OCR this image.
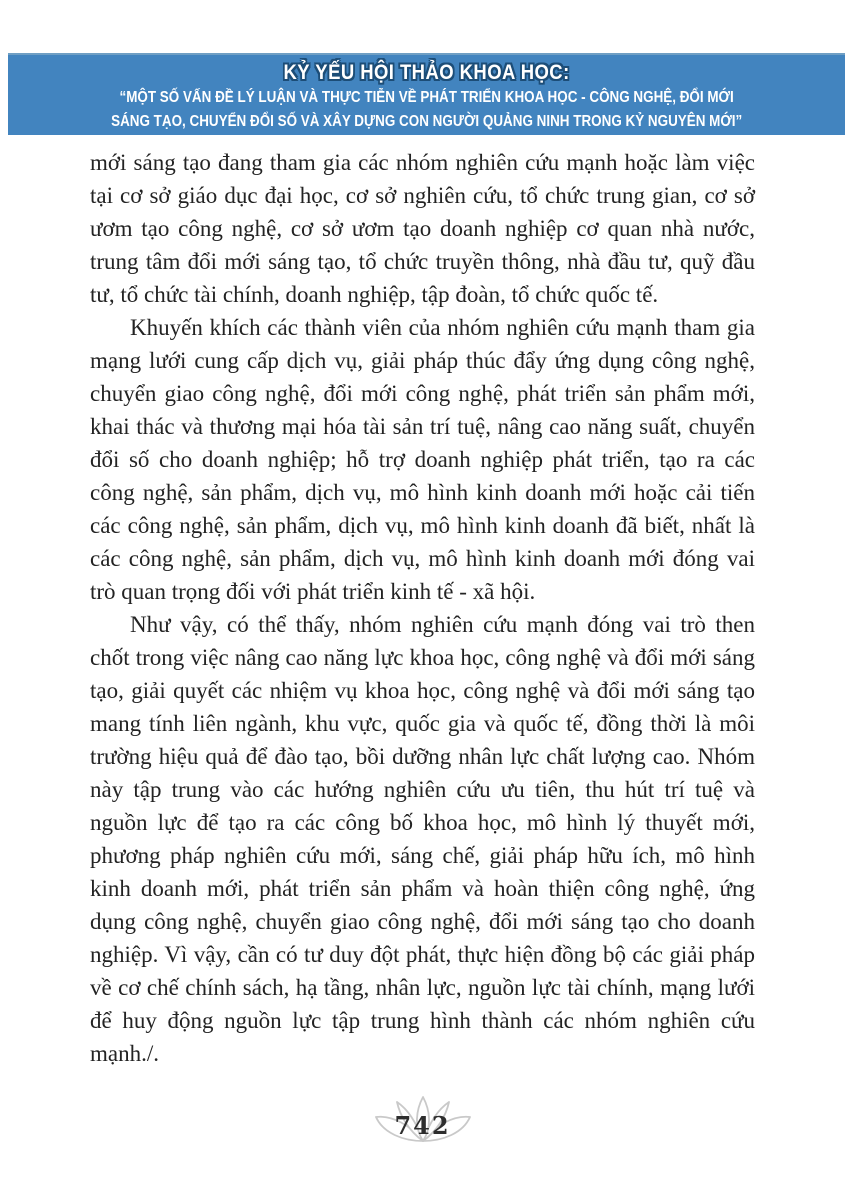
KỶ YẾU HỘI THẢO KHOA HỌC:
“MỘT SỐ VẤN ĐỀ LÝ LUẬN VÀ THỰC TIỄN VỀ PHÁT TRIỂN KHOA HỌC - CÔNG NGHỆ, ĐỔI MỚI
SÁNG TẠO, CHUYỂN ĐỔI SỐ VÀ XÂY DỰNG CON NGƯỜI QUẢNG NINH TRONG KỶ NGUYÊN MỚI”

mới sáng tạo đang tham gia các nhóm nghiên cứu mạnh hoặc làm việc tại cơ sở giáo dục đại học, cơ sở nghiên cứu, tổ chức trung gian, cơ sở ươm tạo công nghệ, cơ sở ươm tạo doanh nghiệp cơ quan nhà nước, trung tâm đổi mới sáng tạo, tổ chức truyền thông, nhà đầu tư, quỹ đầu tư, tổ chức tài chính, doanh nghiệp, tập đoàn, tổ chức quốc tế.

Khuyến khích các thành viên của nhóm nghiên cứu mạnh tham gia mạng lưới cung cấp dịch vụ, giải pháp thúc đẩy ứng dụng công nghệ, chuyển giao công nghệ, đổi mới công nghệ, phát triển sản phẩm mới, khai thác và thương mại hóa tài sản trí tuệ, nâng cao năng suất, chuyển đổi số cho doanh nghiệp; hỗ trợ doanh nghiệp phát triển, tạo ra các công nghệ, sản phẩm, dịch vụ, mô hình kinh doanh mới hoặc cải tiến các công nghệ, sản phẩm, dịch vụ, mô hình kinh doanh đã biết, nhất là các công nghệ, sản phẩm, dịch vụ, mô hình kinh doanh mới đóng vai trò quan trọng đối với phát triển kinh tế - xã hội.

Như vậy, có thể thấy, nhóm nghiên cứu mạnh đóng vai trò then chốt trong việc nâng cao năng lực khoa học, công nghệ và đổi mới sáng tạo, giải quyết các nhiệm vụ khoa học, công nghệ và đổi mới sáng tạo mang tính liên ngành, khu vực, quốc gia và quốc tế, đồng thời là môi trường hiệu quả để đào tạo, bồi dưỡng nhân lực chất lượng cao. Nhóm này tập trung vào các hướng nghiên cứu ưu tiên, thu hút trí tuệ và nguồn lực để tạo ra các công bố khoa học, mô hình lý thuyết mới, phương pháp nghiên cứu mới, sáng chế, giải pháp hữu ích, mô hình kinh doanh mới, phát triển sản phẩm và hoàn thiện công nghệ, ứng dụng công nghệ, chuyển giao công nghệ, đổi mới sáng tạo cho doanh nghiệp. Vì vậy, cần có tư duy đột phát, thực hiện đồng bộ các giải pháp về cơ chế chính sách, hạ tầng, nhân lực, nguồn lực tài chính, mạng lưới để huy động nguồn lực tập trung hình thành các nhóm nghiên cứu mạnh./.

742
